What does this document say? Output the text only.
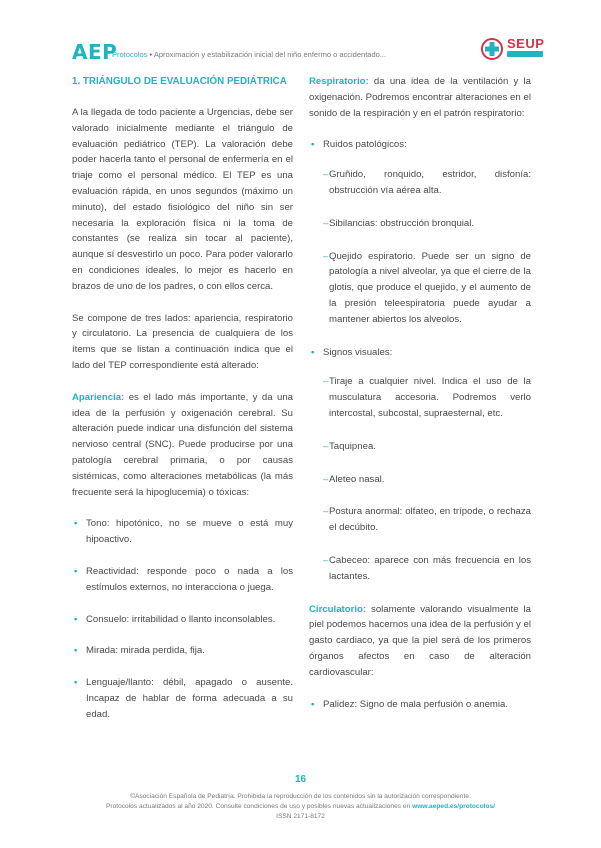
AEP
Protocolos • Aproximación y estabilización inicial del niño enfermo o accidentado...
SEUP
1. TRIÁNGULO DE EVALUACIÓN PEDIÁTRICA

A la llegada de todo paciente a Urgencias, debe ser valorado inicialmente mediante el triángulo de evaluación pediátrico (TEP). La valoración debe poder hacerla tanto el personal de enfermería en el triaje como el personal médico. El TEP es una evaluación rápida, en unos segundos (máximo un minuto), del estado fisiológico del niño sin ser necesaria la exploración física ni la toma de constantes (se realiza sin tocar al paciente), aunque sí desvestirlo un poco. Para poder valorarlo en condiciones ideales, lo mejor es hacerlo en brazos de uno de los padres, o con ellos cerca.

Se compone de tres lados: apariencia, respiratorio y circulatorio. La presencia de cualquiera de los ítems que se listan a continuación indica que el lado del TEP correspondiente está alterado:

Apariencia: es el lado más importante, y da una idea de la perfusión y oxigenación cerebral. Su alteración puede indicar una disfunción del sistema nervioso central (SNC). Puede producirse por una patología cerebral primaria, o por causas sistémicas, como alteraciones metabólicas (la más frecuente será la hipoglucemia) o tóxicas:

• Tono: hipotónico, no se mueve o está muy hipoactivo.
• Reactividad: responde poco o nada a los estímulos externos, no interacciona o juega.
• Consuelo: irritabilidad o llanto inconsolables.
• Mirada: mirada perdida, fija.
• Lenguaje/llanto: débil, apagado o ausente. Incapaz de hablar de forma adecuada a su edad.

Respiratorio: da una idea de la ventilación y la oxigenación. Podremos encontrar alteraciones en el sonido de la respiración y en el patrón respiratorio:

• Ruidos patológicos:
– Gruñido, ronquido, estridor, disfonía: obstrucción vía aérea alta.
– Sibilancias: obstrucción bronquial.
– Quejido espiratorio. Puede ser un signo de patología a nivel alveolar, ya que el cierre de la glotis, que produce el quejido, y el aumento de la presión teleespiratoria puede ayudar a mantener abiertos los alveolos.
• Signos visuales:
– Tiraje a cualquier nivel. Indica el uso de la musculatura accesoria. Podremos verlo intercostal, subcostal, supraesternal, etc.
– Taquipnea.
– Aleteo nasal.
– Postura anormal: olfateo, en trípode, o rechaza el decúbito.
– Cabeceo: aparece con más frecuencia en los lactantes.

Circulatorio: solamente valorando visualmente la piel podemos hacernos una idea de la perfusión y el gasto cardiaco, ya que la piel será de los primeros órganos afectos en caso de alteración cardiovascular:

• Palidez: Signo de mala perfusión o anemia.
16
©Asociación Española de Pediatría. Prohibida la reproducción de los contenidos sin la autorización correspondiente.
Protocolos actualizados al año 2020. Consulte condiciones de uso y posibles nuevas actualizaciones en www.aeped.es/protocolos/
ISSN 2171-8172
